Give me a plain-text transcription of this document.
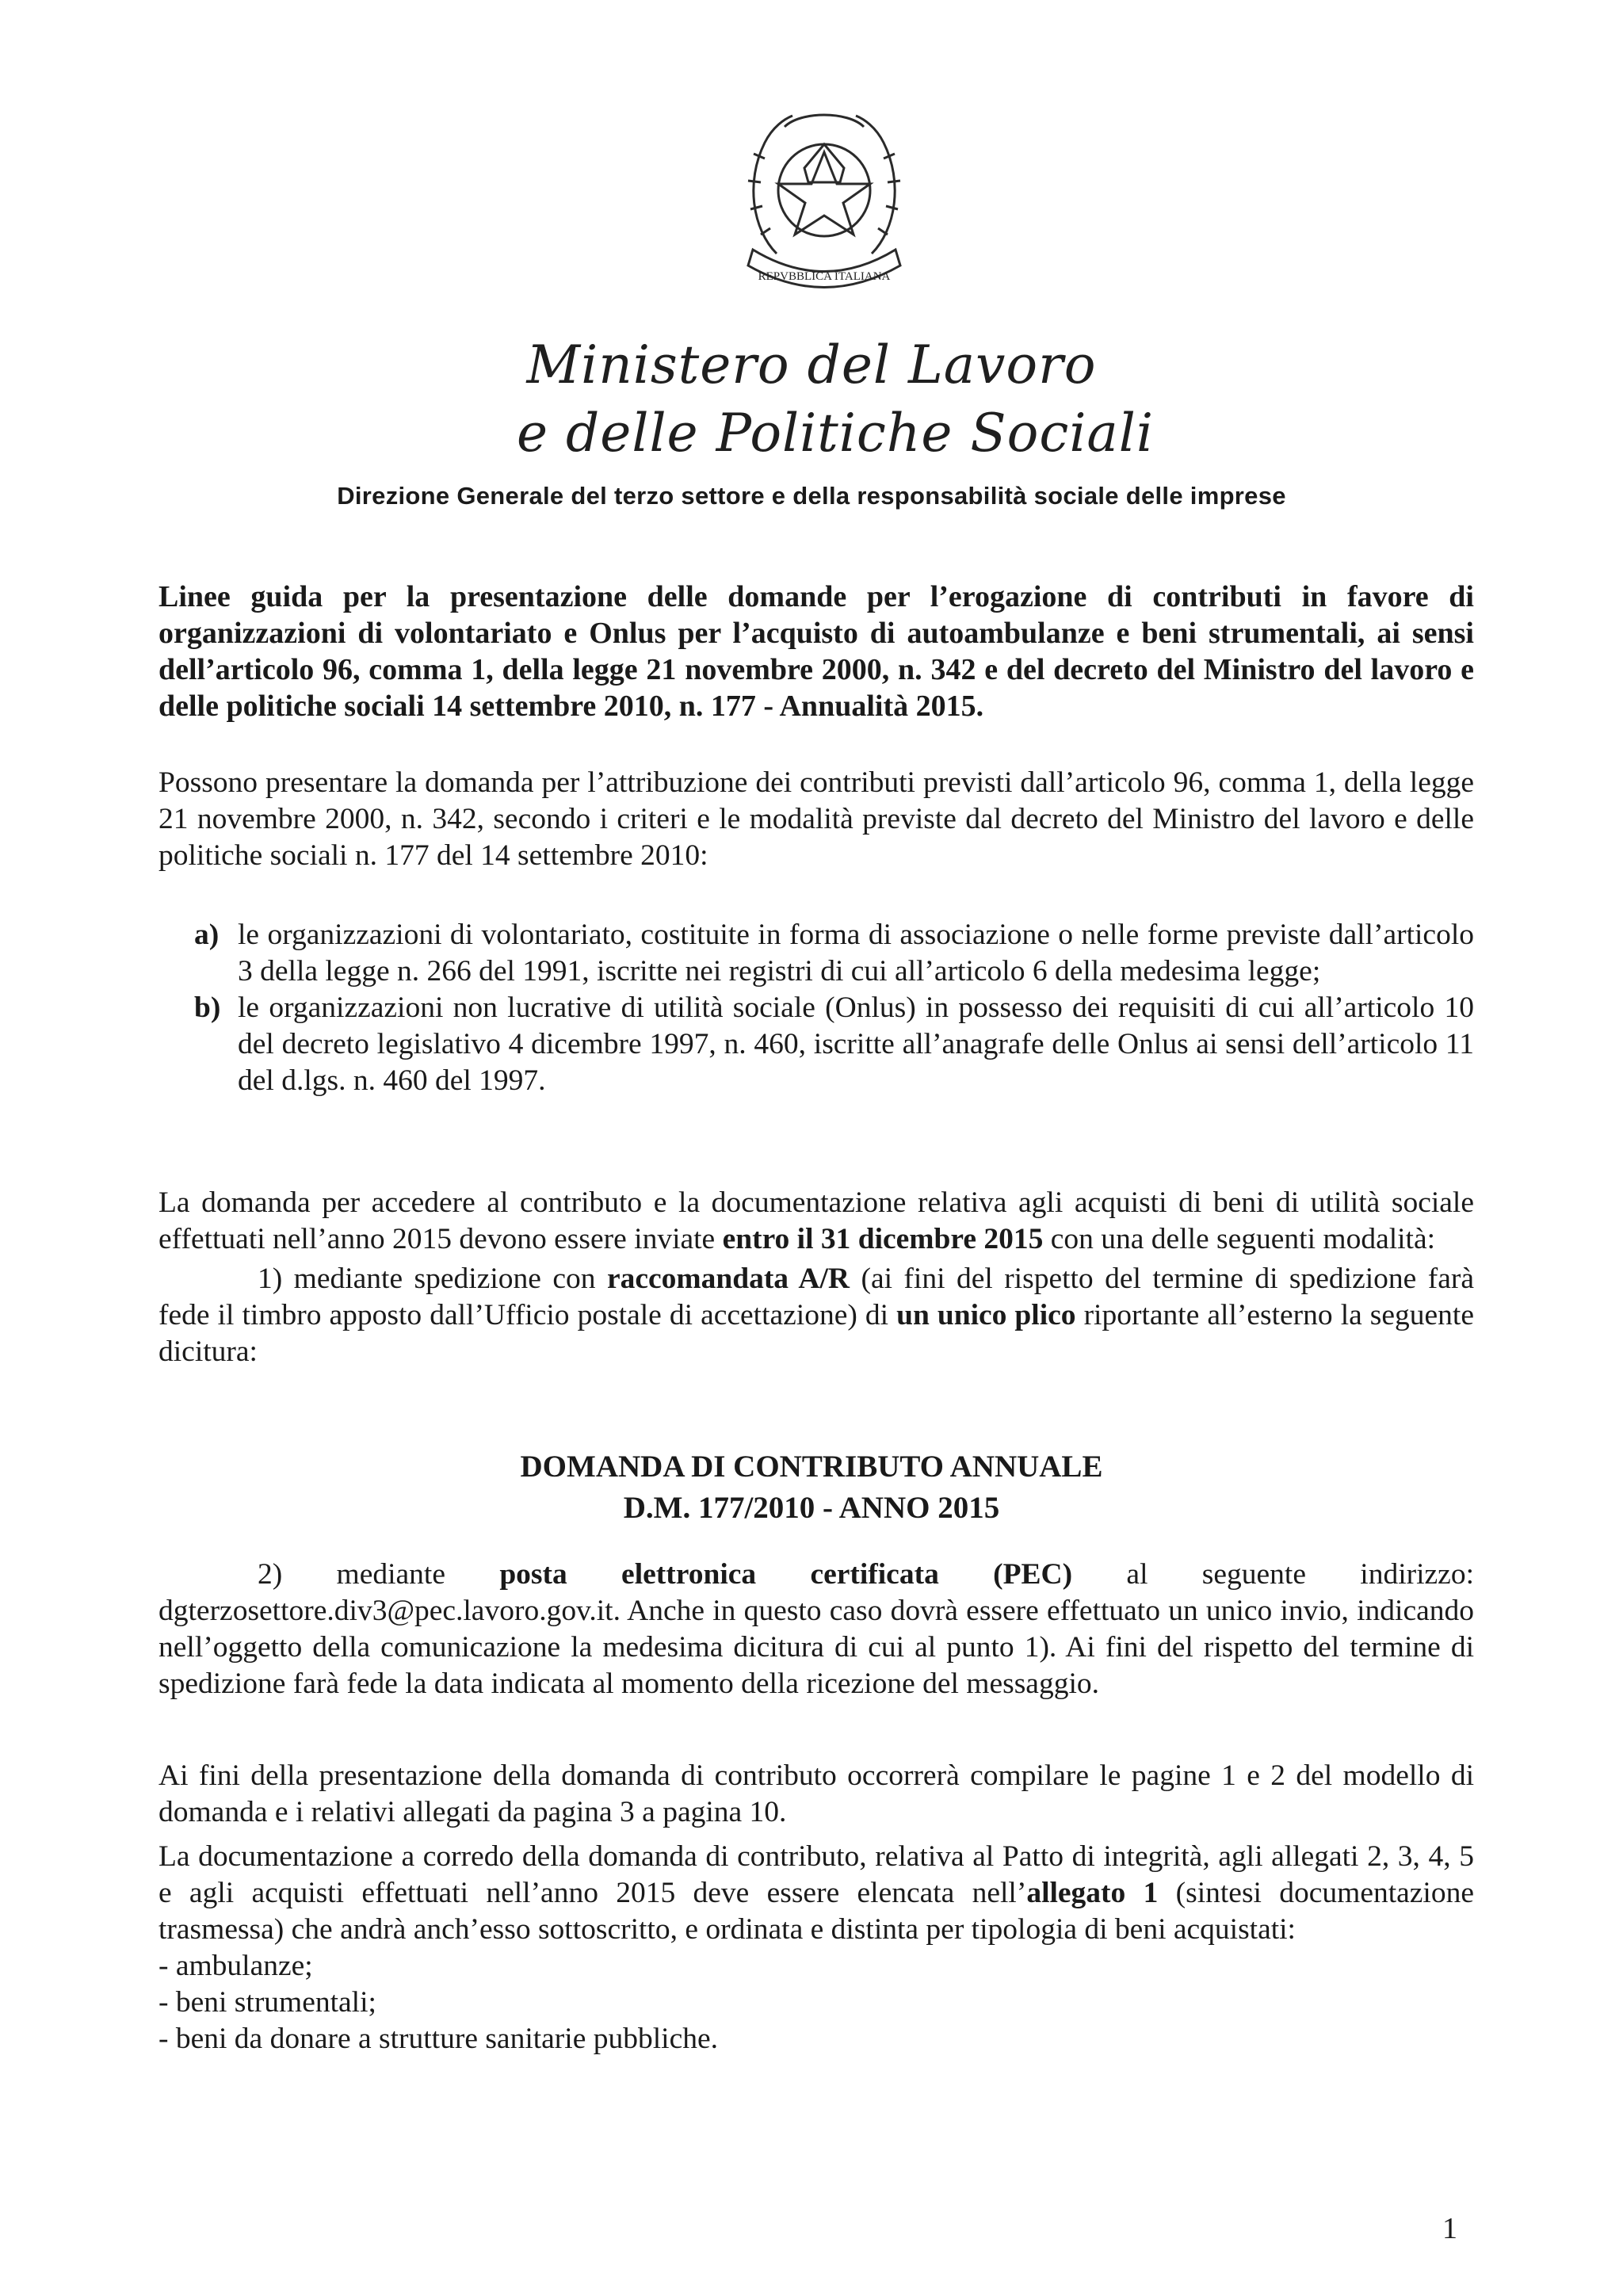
REPVBBLICA ITALIANA
Ministero del Lavoro
e delle Politiche Sociali
Direzione Generale del terzo settore e della responsabilità sociale delle imprese
Linee guida per la presentazione delle domande per l’erogazione di contributi in favore di organizzazioni di volontariato e Onlus per l’acquisto di autoambulanze e beni strumentali, ai sensi dell’articolo 96, comma 1, della legge 21 novembre 2000, n. 342 e del decreto del Ministro del lavoro e delle politiche sociali 14 settembre 2010, n. 177 - Annualità 2015.
Possono presentare la domanda per l’attribuzione dei contributi previsti dall’articolo 96, comma 1, della legge 21 novembre 2000, n. 342, secondo i criteri e le modalità previste dal decreto del Ministro del lavoro e delle politiche sociali n. 177 del 14 settembre 2010:

a) le organizzazioni di volontariato, costituite in forma di associazione o nelle forme previste dall’articolo 3 della legge n. 266 del 1991, iscritte nei registri di cui all’articolo 6 della medesima legge;

b) le organizzazioni non lucrative di utilità sociale (Onlus) in possesso dei requisiti di cui all’articolo 10 del decreto legislativo 4 dicembre 1997, n. 460, iscritte all’anagrafe delle Onlus ai sensi dell’articolo 11 del d.lgs. n. 460 del 1997.

La domanda per accedere al contributo e la documentazione relativa agli acquisti di beni di utilità sociale effettuati nell’anno 2015 devono essere inviate entro il 31 dicembre 2015 con una delle seguenti modalità:
1) mediante spedizione con raccomandata A/R (ai fini del rispetto del termine di spedizione farà fede il timbro apposto dall’Ufficio postale di accettazione) di un unico plico riportante all’esterno la seguente dicitura:
DOMANDA DI CONTRIBUTO ANNUALE
D.M. 177/2010 - ANNO 2015
2) mediante posta elettronica certificata (PEC) al seguente indirizzo: dgterzosettore.div3@pec.lavoro.gov.it. Anche in questo caso dovrà essere effettuato un unico invio, indicando nell’oggetto della comunicazione la medesima dicitura di cui al punto 1). Ai fini del rispetto del termine di spedizione farà fede la data indicata al momento della ricezione del messaggio.

Ai fini della presentazione della domanda di contributo occorrerà compilare le pagine 1 e 2 del modello di domanda e i relativi allegati da pagina 3 a pagina 10.

La documentazione a corredo della domanda di contributo, relativa al Patto di integrità, agli allegati 2, 3, 4, 5 e agli acquisti effettuati nell’anno 2015 deve essere elencata nell’allegato 1 (sintesi documentazione trasmessa) che andrà anch’esso sottoscritto, e ordinata e distinta per tipologia di beni acquistati:

- ambulanze;

- beni strumentali;

- beni da donare a strutture sanitarie pubbliche.

1
